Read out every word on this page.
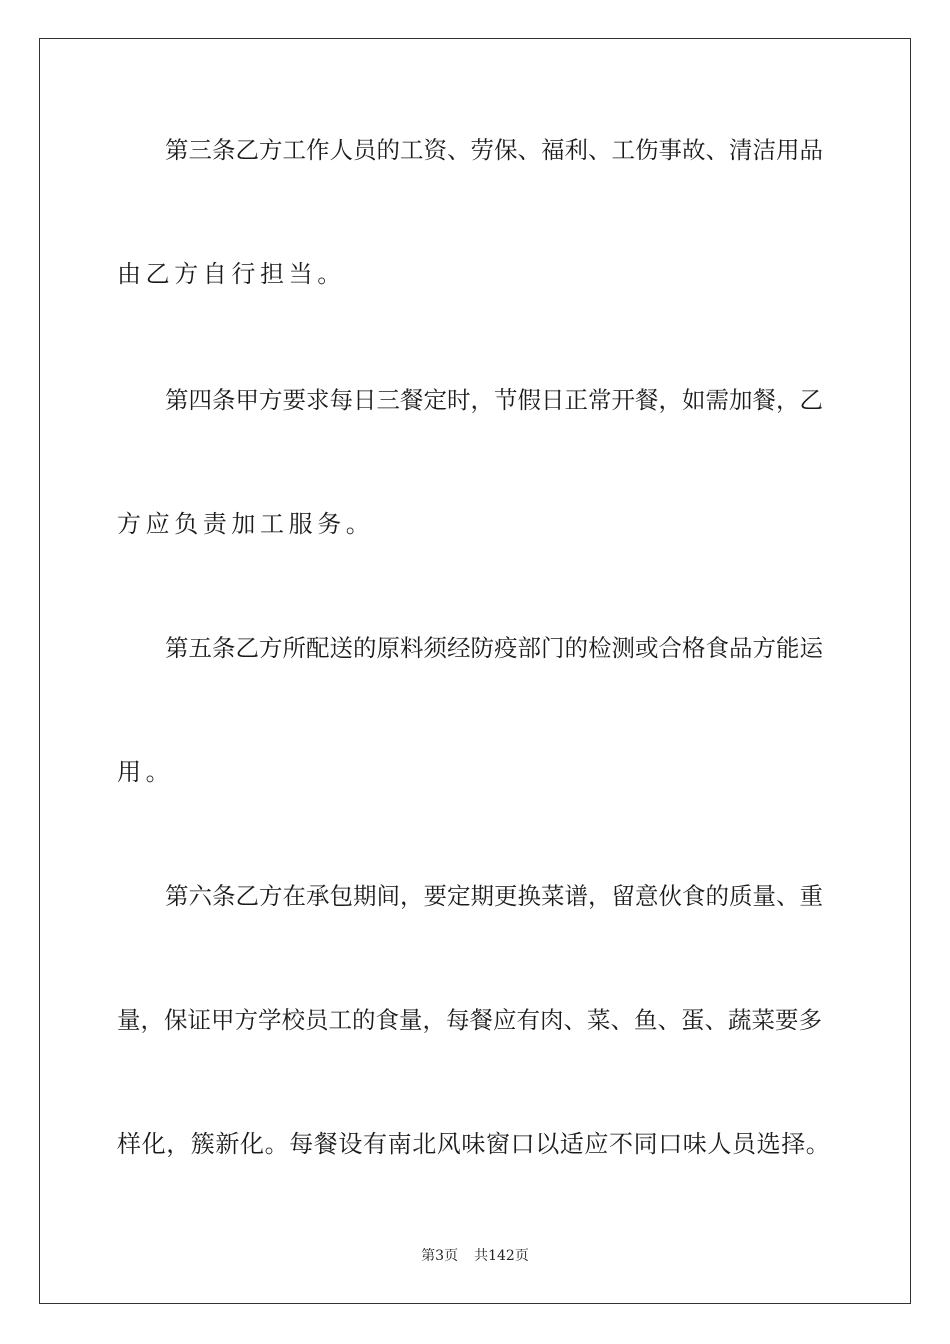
第三条乙方工作人员的工资、劳保、福利、工伤事故、清洁用品
由乙方自行担当。
第四条甲方要求每日三餐定时，节假日正常开餐，如需加餐，乙
方应负责加工服务。
第五条乙方所配送的原料须经防疫部门的检测或合格食品方能运
用。
第六条乙方在承包期间，要定期更换菜谱，留意伙食的质量、重
量，保证甲方学校员工的食量，每餐应有肉、菜、鱼、蛋、蔬菜要多
样化，簇新化。每餐设有南北风味窗口以适应不同口味人员选择。
第3页 共142页
